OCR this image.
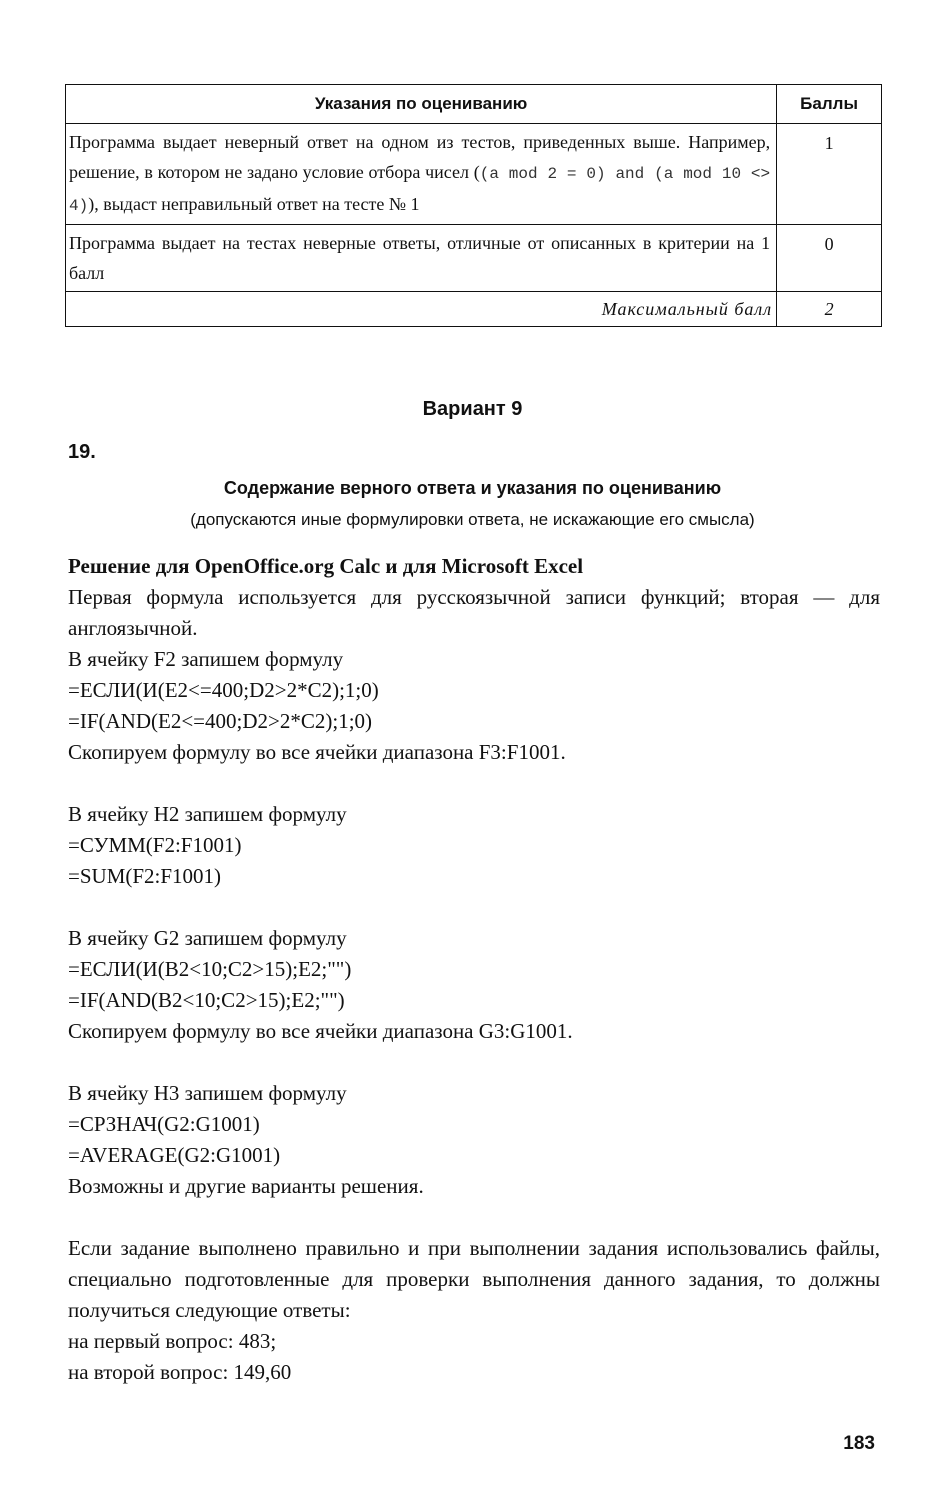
Указания по оцениванию	Баллы
Программа выдает неверный ответ на одном из тестов, приведенных выше. Например, решение, в котором не задано условие отбора чисел ((a mod 2 = 0) and (a mod 10 <> 4)), выдаст неправильный ответ на тесте № 1	1
Программа выдает на тестах неверные ответы, отличные от описанных в критерии на 1 балл	0
Максимальный балл	2
Вариант 9
19.
Содержание верного ответа и указания по оцениванию
(допускаются иные формулировки ответа, не искажающие его смысла)

Решение для OpenOffice.org Calc и для Microsoft Excel

Первая формула используется для русскоязычной записи функций; вторая — для англоязычной.

В ячейку F2 запишем формулу

=ЕСЛИ(И(E2<=400;D2>2*C2);1;0)

=IF(AND(E2<=400;D2>2*C2);1;0)

Скопируем формулу во все ячейки диапазона F3:F1001.

В ячейку H2 запишем формулу

=СУММ(F2:F1001)

=SUM(F2:F1001)

В ячейку G2 запишем формулу

=ЕСЛИ(И(B2<10;C2>15);E2;"")

=IF(AND(B2<10;C2>15);E2;"")

Скопируем формулу во все ячейки диапазона G3:G1001.

В ячейку H3 запишем формулу

=СРЗНАЧ(G2:G1001)

=AVERAGE(G2:G1001)

Возможны и другие варианты решения.

Если задание выполнено правильно и при выполнении задания использовались файлы, специально подготовленные для проверки выполнения данного задания, то должны получиться следующие ответы:

на первый вопрос: 483;

на второй вопрос: 149,60

183
